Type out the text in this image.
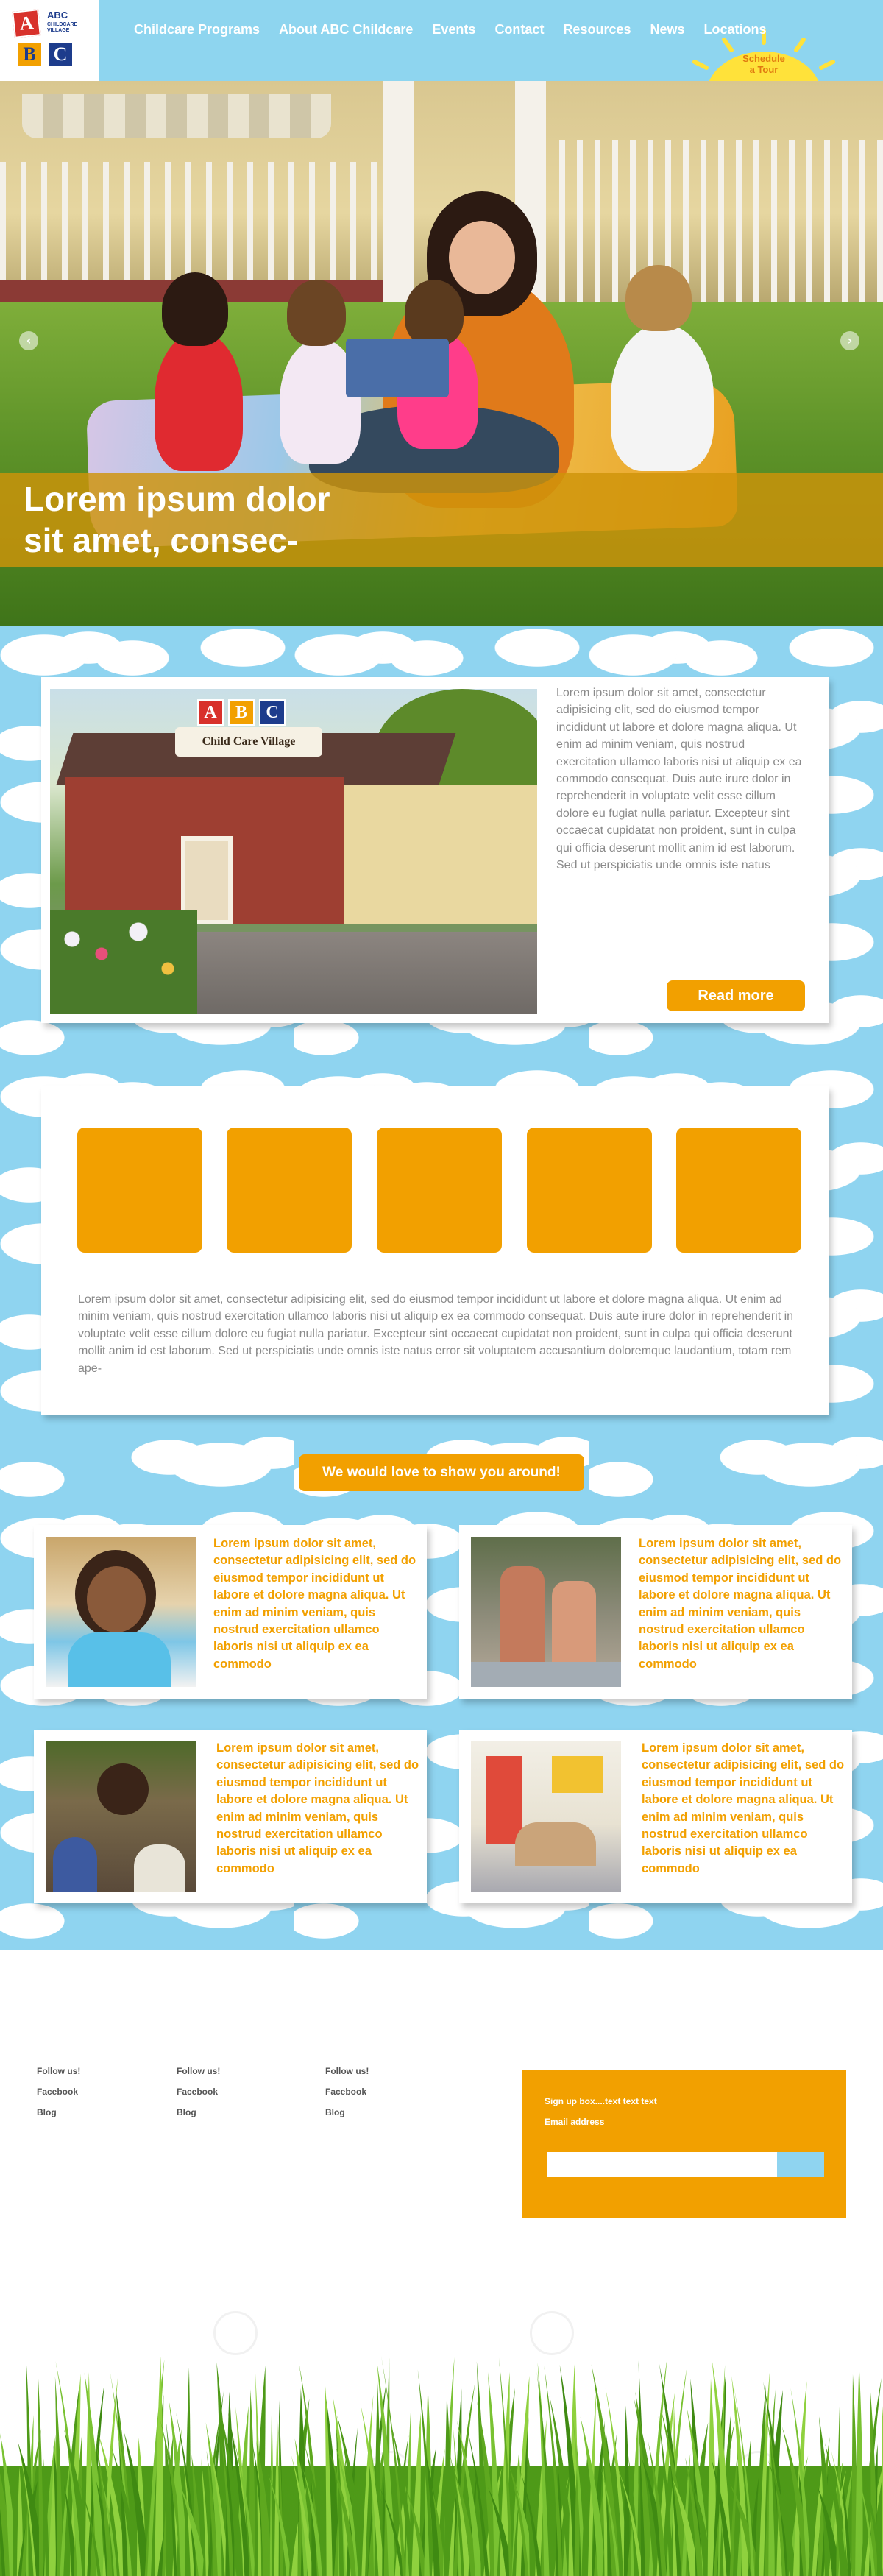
A
B C
ABC
CHILDCARE
VILLAGE
Schedule
a Tour
Childcare Programs About ABC Childcare Events Contact Resources News Locations
‹	›
Lorem ipsum dolor
sit amet, consec-
A	B	C
Child Care Village
Lorem ipsum dolor sit amet, consectetur adipisicing elit, sed do eiusmod tempor incididunt ut labore et dolore magna aliqua. Ut enim ad minim veniam, quis nostrud exercitation ullamco laboris nisi ut aliquip ex ea commodo consequat. Duis aute irure dolor in reprehenderit in voluptate velit esse cillum dolore eu fugiat nulla pariatur. Excepteur sint occaecat cupidatat non proident, sunt in culpa qui officia deserunt mollit anim id est laborum. Sed ut perspiciatis unde omnis iste natus
Read more
Lorem ipsum dolor sit amet, consectetur adipisicing elit, sed do eiusmod tempor incididunt ut labore et dolore magna aliqua. Ut enim ad minim veniam, quis nostrud exercitation ullamco laboris nisi ut aliquip ex ea commodo consequat. Duis aute irure dolor in reprehenderit in voluptate velit esse cillum dolore eu fugiat nulla pariatur. Excepteur sint occaecat cupidatat non proident, sunt in culpa qui officia deserunt mollit anim id est laborum. Sed ut perspiciatis unde omnis iste natus error sit voluptatem accusantium doloremque laudantium, totam rem ape-
We would love to show you around!
Lorem ipsum dolor sit amet, consectetur adipisicing elit, sed do eiusmod tempor incididunt ut labore et dolore magna aliqua. Ut enim ad minim veniam, quis nostrud exercitation ullamco laboris nisi ut aliquip ex ea commodo
Lorem ipsum dolor sit amet, consectetur adipisicing elit, sed do eiusmod tempor incididunt ut labore et dolore magna aliqua. Ut enim ad minim veniam, quis nostrud exercitation ullamco laboris nisi ut aliquip ex ea commodo
Lorem ipsum dolor sit amet, consectetur adipisicing elit, sed do eiusmod tempor incididunt ut labore et dolore magna aliqua. Ut enim ad minim veniam, quis nostrud exercitation ullamco laboris nisi ut aliquip ex ea commodo
Lorem ipsum dolor sit amet, consectetur adipisicing elit, sed do eiusmod tempor incididunt ut labore et dolore magna aliqua. Ut enim ad minim veniam, quis nostrud exercitation ullamco laboris nisi ut aliquip ex ea commodo
Follow us!
Facebook
Blog
Follow us!
Facebook
Blog
Follow us!
Facebook
Blog
Sign up box....text text text
Email address
